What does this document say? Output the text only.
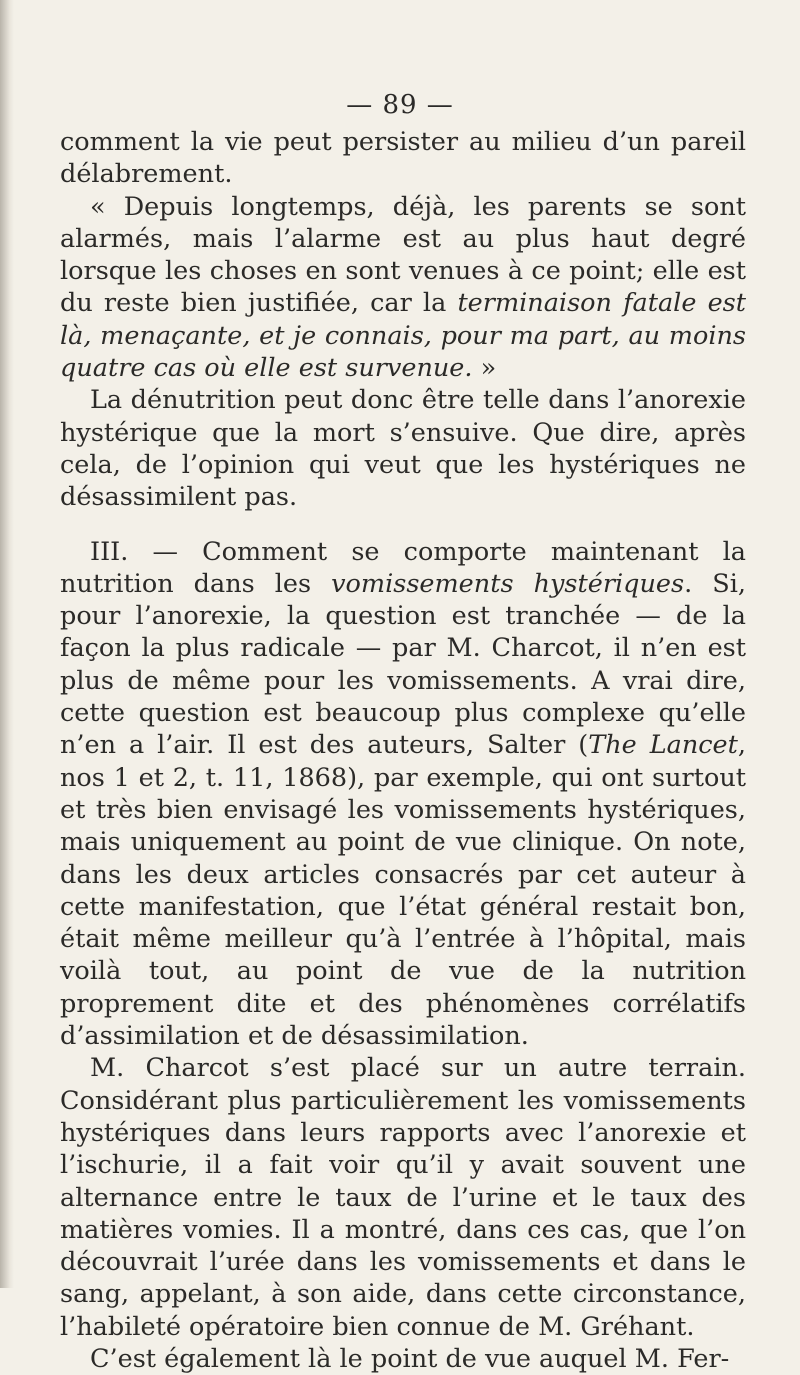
— 89 —

comment la vie peut persister au milieu d’un pareil délabrement.

« Depuis longtemps, déjà, les parents se sont alarmés, mais l’alarme est au plus haut degré lorsque les choses en sont venues à ce point; elle est du reste bien justifiée, car la terminaison fatale est là, menaçante, et je connais, pour ma part, au moins quatre cas où elle est survenue. »

La dénutrition peut donc être telle dans l’anorexie hystérique que la mort s’ensuive. Que dire, après cela, de l’opinion qui veut que les hystériques ne désassimilent pas.

III. — Comment se comporte maintenant la nutrition dans les vomissements hystériques. Si, pour l’anorexie, la question est tranchée — de la façon la plus radicale — par M. Charcot, il n’en est plus de même pour les vomissements. A vrai dire, cette question est beaucoup plus complexe qu’elle n’en a l’air. Il est des auteurs, Salter (The Lancet, nos 1 et 2, t. 11, 1868), par exemple, qui ont surtout et très bien envisagé les vomissements hystériques, mais uniquement au point de vue clinique. On note, dans les deux articles consacrés par cet auteur à cette manifestation, que l’état général restait bon, était même meilleur qu’à l’entrée à l’hôpital, mais voilà tout, au point de vue de la nutrition proprement dite et des phénomènes corrélatifs d’assimilation et de désassimilation.

M. Charcot s’est placé sur un autre terrain. Considérant plus particulièrement les vomissements hystériques dans leurs rapports avec l’anorexie et l’ischurie, il a fait voir qu’il y avait souvent une alternance entre le taux de l’urine et le taux des matières vomies. Il a montré, dans ces cas, que l’on découvrait l’urée dans les vomissements et dans le sang, appelant, à son aide, dans cette circonstance, l’habileté opératoire bien connue de M. Gréhant.

C’est également là le point de vue auquel M. Fer-
